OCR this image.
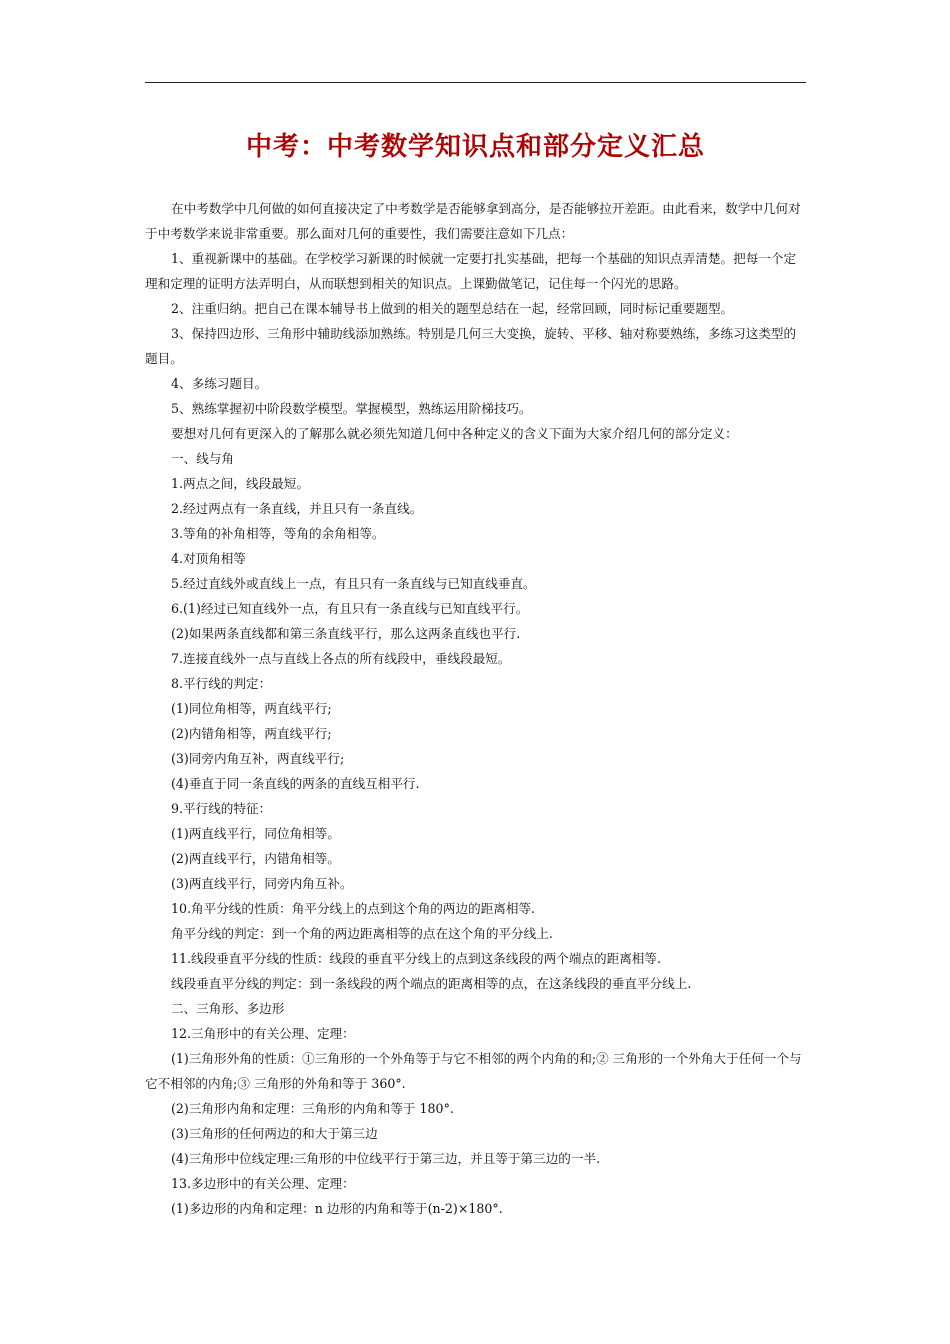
中考：中考数学知识点和部分定义汇总

在中考数学中几何做的如何直接决定了中考数学是否能够拿到高分，是否能够拉开差距。由此看来，数学中几何对于中考数学来说非常重要。那么面对几何的重要性，我们需要注意如下几点：

1、重视新课中的基础。在学校学习新课的时候就一定要打扎实基础，把每一个基础的知识点弄清楚。把每一个定理和定理的证明方法弄明白，从而联想到相关的知识点。上课勤做笔记，记住每一个闪光的思路。

2、注重归纳。把自己在课本辅导书上做到的相关的题型总结在一起，经常回顾，同时标记重要题型。

3、保持四边形、三角形中辅助线添加熟练。特别是几何三大变换，旋转、平移、轴对称要熟练，多练习这类型的题目。

4、多练习题目。

5、熟练掌握初中阶段数学模型。掌握模型，熟练运用阶梯技巧。

要想对几何有更深入的了解那么就必须先知道几何中各种定义的含义下面为大家介绍几何的部分定义：

一、线与角

1.两点之间，线段最短。

2.经过两点有一条直线，并且只有一条直线。

3.等角的补角相等，等角的余角相等。

4.对顶角相等

5.经过直线外或直线上一点，有且只有一条直线与已知直线垂直。

6.(1)经过已知直线外一点，有且只有一条直线与已知直线平行。

(2)如果两条直线都和第三条直线平行，那么这两条直线也平行.

7.连接直线外一点与直线上各点的所有线段中，垂线段最短。

8.平行线的判定：

(1)同位角相等，两直线平行;

(2)内错角相等，两直线平行;

(3)同旁内角互补，两直线平行;

(4)垂直于同一条直线的两条的直线互相平行.

9.平行线的特征：

(1)两直线平行，同位角相等。

(2)两直线平行，内错角相等。

(3)两直线平行，同旁内角互补。

10.角平分线的性质：角平分线上的点到这个角的两边的距离相等.

角平分线的判定：到一个角的两边距离相等的点在这个角的平分线上.

11.线段垂直平分线的性质：线段的垂直平分线上的点到这条线段的两个端点的距离相等.

线段垂直平分线的判定：到一条线段的两个端点的距离相等的点，在这条线段的垂直平分线上.

二、三角形、多边形

12.三角形中的有关公理、定理：

(1)三角形外角的性质：①三角形的一个外角等于与它不相邻的两个内角的和;② 三角形的一个外角大于任何一个与它不相邻的内角;③ 三角形的外角和等于 360°.

(2)三角形内角和定理：三角形的内角和等于 180°.

(3)三角形的任何两边的和大于第三边

(4)三角形中位线定理:三角形的中位线平行于第三边，并且等于第三边的一半.

13.多边形中的有关公理、定理：

(1)多边形的内角和定理：n 边形的内角和等于(n-2)×180°.
